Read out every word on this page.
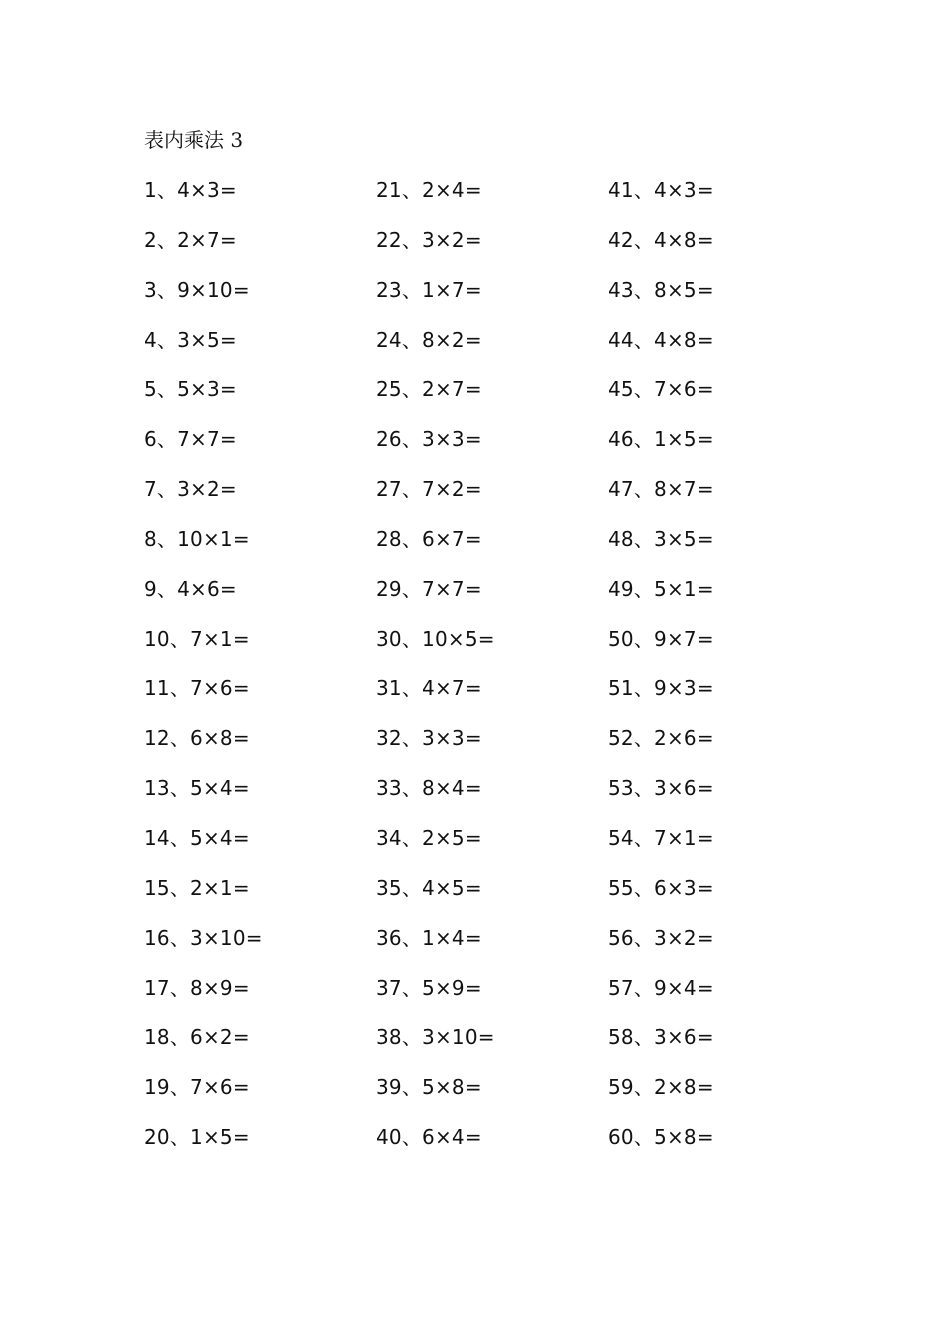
表内乘法 3
1、4×3=
2、2×7=
3、9×10=
4、3×5=
5、5×3=
6、7×7=
7、3×2=
8、10×1=
9、4×6=
10、7×1=
11、7×6=
12、6×8=
13、5×4=
14、5×4=
15、2×1=
16、3×10=
17、8×9=
18、6×2=
19、7×6=
20、1×5=
21、2×4=
22、3×2=
23、1×7=
24、8×2=
25、2×7=
26、3×3=
27、7×2=
28、6×7=
29、7×7=
30、10×5=
31、4×7=
32、3×3=
33、8×4=
34、2×5=
35、4×5=
36、1×4=
37、5×9=
38、3×10=
39、5×8=
40、6×4=
41、4×3=
42、4×8=
43、8×5=
44、4×8=
45、7×6=
46、1×5=
47、8×7=
48、3×5=
49、5×1=
50、9×7=
51、9×3=
52、2×6=
53、3×6=
54、7×1=
55、6×3=
56、3×2=
57、9×4=
58、3×6=
59、2×8=
60、5×8=
